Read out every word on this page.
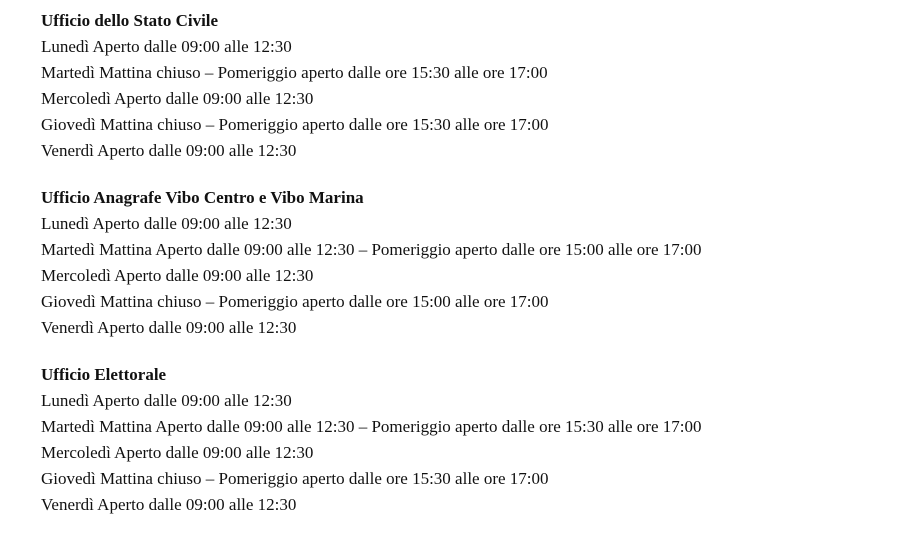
Ufficio dello Stato Civile
Lunedì Aperto dalle 09:00 alle 12:30
Martedì Mattina chiuso – Pomeriggio aperto dalle ore 15:30 alle ore 17:00
Mercoledì Aperto dalle 09:00 alle 12:30
Giovedì Mattina chiuso – Pomeriggio aperto dalle ore 15:30 alle ore 17:00
Venerdì Aperto dalle 09:00 alle 12:30
Ufficio Anagrafe Vibo Centro e Vibo Marina
Lunedì Aperto dalle 09:00 alle 12:30
Martedì Mattina Aperto dalle 09:00 alle 12:30 – Pomeriggio aperto dalle ore 15:00 alle ore 17:00
Mercoledì Aperto dalle 09:00 alle 12:30
Giovedì Mattina chiuso – Pomeriggio aperto dalle ore 15:00 alle ore 17:00
Venerdì Aperto dalle 09:00 alle 12:30
Ufficio Elettorale
Lunedì Aperto dalle 09:00 alle 12:30
Martedì Mattina Aperto dalle 09:00 alle 12:30 – Pomeriggio aperto dalle ore 15:30 alle ore 17:00
Mercoledì Aperto dalle 09:00 alle 12:30
Giovedì Mattina chiuso – Pomeriggio aperto dalle ore 15:30 alle ore 17:00
Venerdì Aperto dalle 09:00 alle 12:30
